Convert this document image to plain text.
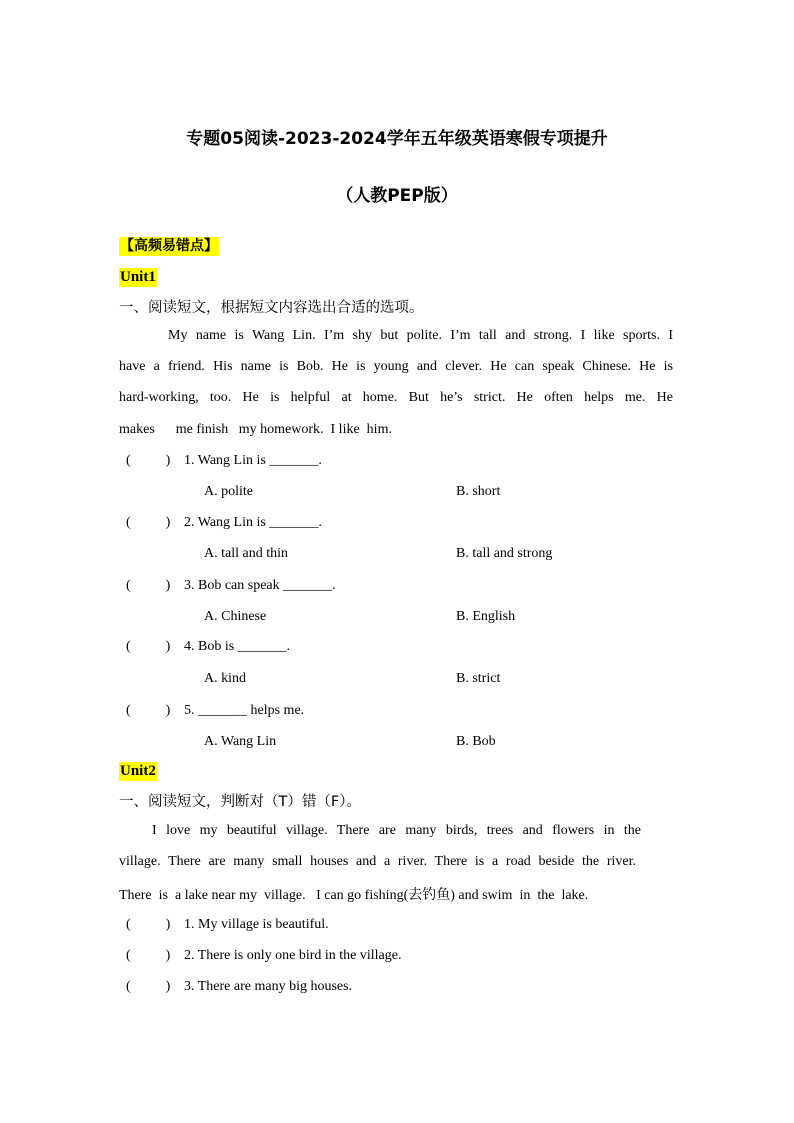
专题05阅读-2023-2024学年五年级英语寒假专项提升
（人教PEP版）
【高频易错点】
Unit1
一、阅读短文，根据短文内容选出合适的选项。
My name is Wang Lin. I’m shy but polite. I’m tall and strong. I like sports. I
have a friend. His name is Bob. He is young and clever. He can speak Chinese. He is
hard-working, too. He is helpful at home. But he’s strict. He often helps me. He
makes      me finish   my homework.  I like  him.
(          ) 1. Wang Lin is _______.
A. polite	B. short
(          ) 2. Wang Lin is _______.
A. tall and thin	B. tall and strong
(          ) 3. Bob can speak _______.
A. Chinese	B. English
(          ) 4. Bob is _______.
A. kind	B. strict
(          ) 5. _______ helps me.
A. Wang Lin	B. Bob
Unit2
一、阅读短文，判断对（T）错（F）。
I love my beautiful village. There are many birds, trees and flowers in the
village. There are many small houses and a river. There is a road beside the river.
There  is  a lake near my  village.   I can go fishing(去钓鱼) and swim  in  the  lake.
(          ) 1. My village is beautiful.
(          ) 2. There is only one bird in the village.
(          ) 3. There are many big houses.
